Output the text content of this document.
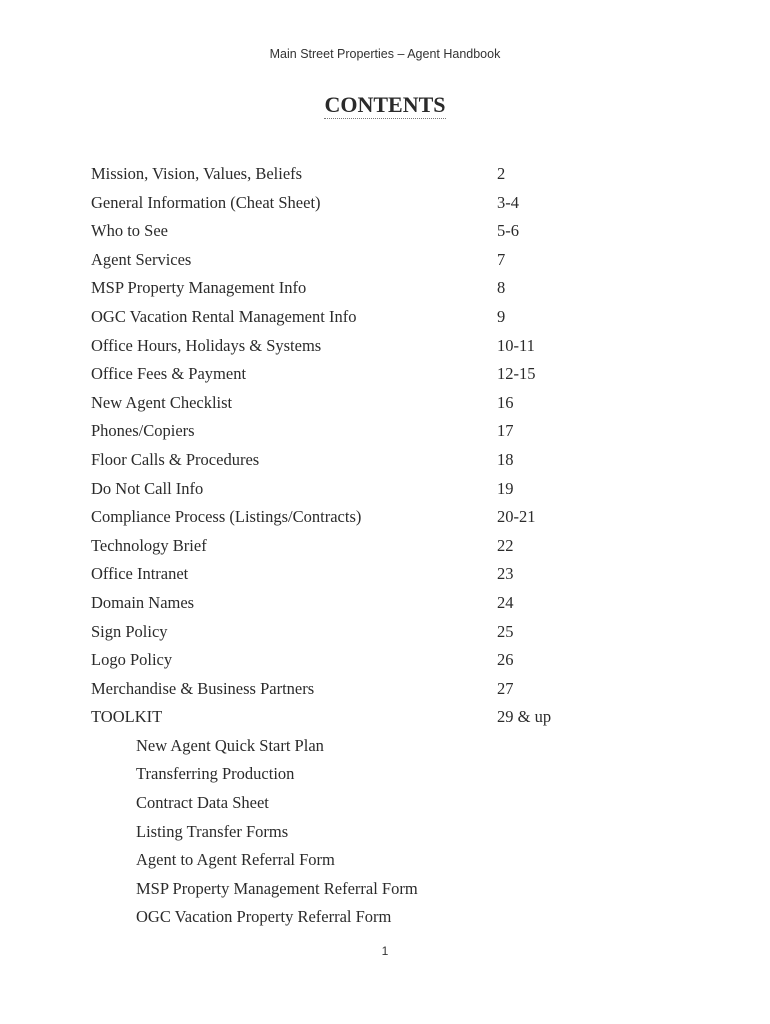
Main Street Properties – Agent Handbook
CONTENTS
Mission, Vision, Values, Beliefs	2
General Information (Cheat Sheet)	3-4
Who to See	5-6
Agent Services	7
MSP Property Management Info	8
OGC Vacation Rental Management Info	9
Office Hours, Holidays & Systems	10-11
Office Fees & Payment	12-15
New Agent Checklist	16
Phones/Copiers	17
Floor Calls & Procedures	18
Do Not Call Info	19
Compliance Process (Listings/Contracts)	20-21
Technology Brief	22
Office Intranet	23
Domain Names	24
Sign Policy	25
Logo Policy	26
Merchandise & Business Partners	27
TOOLKIT	29 & up
New Agent Quick Start Plan
Transferring Production
Contract Data Sheet
Listing Transfer Forms
Agent to Agent Referral Form
MSP Property Management Referral Form
OGC Vacation Property Referral Form
1
